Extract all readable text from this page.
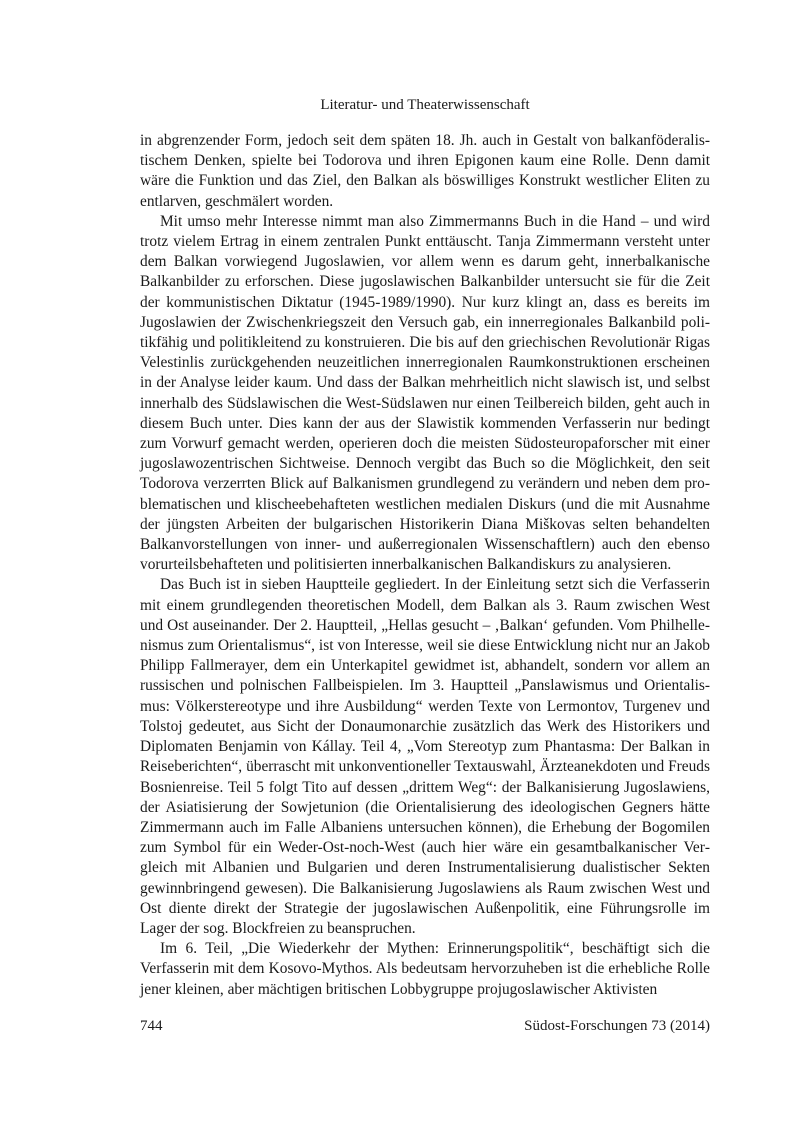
Literatur- und Theaterwissenschaft

in abgrenzender Form, jedoch seit dem späten 18. Jh. auch in Gestalt von balkanföderalistischem Denken, spielte bei Todorova und ihren Epigonen kaum eine Rolle. Denn damit wäre die Funktion und das Ziel, den Balkan als böswilliges Konstrukt westlicher Eliten zu entlarven, geschmälert worden.

Mit umso mehr Interesse nimmt man also Zimmermanns Buch in die Hand – und wird trotz vielem Ertrag in einem zentralen Punkt enttäuscht. Tanja Zimmermann versteht unter dem Balkan vorwiegend Jugoslawien, vor allem wenn es darum geht, innerbalkanische Balkanbilder zu erforschen. Diese jugoslawischen Balkanbilder untersucht sie für die Zeit der kommunistischen Diktatur (1945-1989/1990). Nur kurz klingt an, dass es bereits im Jugoslawien der Zwischenkriegszeit den Versuch gab, ein innerregionales Balkanbild politikfähig und politikleitend zu konstruieren. Die bis auf den griechischen Revolutionär Rigas Velestinlis zurückgehenden neuzeitlichen innerregionalen Raumkonstruktionen erscheinen in der Analyse leider kaum. Und dass der Balkan mehrheitlich nicht slawisch ist, und selbst innerhalb des Südslawischen die West-Südslawen nur einen Teilbereich bilden, geht auch in diesem Buch unter. Dies kann der aus der Slawistik kommenden Verfasserin nur bedingt zum Vorwurf gemacht werden, operieren doch die meisten Südosteuropaforscher mit einer jugoslawozentrischen Sichtweise. Dennoch vergibt das Buch so die Möglichkeit, den seit Todorova verzerrten Blick auf Balkanismen grundlegend zu verändern und neben dem problematischen und klischeebehafteten westlichen medialen Diskurs (und die mit Ausnahme der jüngsten Arbeiten der bulgarischen Historikerin Diana Miškovas selten behandelten Balkanvorstellungen von inner- und außerregionalen Wissenschaftlern) auch den ebenso vorurteilsbehafteten und politisierten innerbalkanischen Balkandiskurs zu analysieren.

Das Buch ist in sieben Hauptteile gegliedert. In der Einleitung setzt sich die Verfasserin mit einem grundlegenden theoretischen Modell, dem Balkan als 3. Raum zwischen West und Ost auseinander. Der 2. Hauptteil, „Hellas gesucht – ‚Balkan‘ gefunden. Vom Philhellenismus zum Orientalismus“, ist von Interesse, weil sie diese Entwicklung nicht nur an Jakob Philipp Fallmerayer, dem ein Unterkapitel gewidmet ist, abhandelt, sondern vor allem an russischen und polnischen Fallbeispielen. Im 3. Hauptteil „Panslawismus und Orientalismus: Völkerstereotype und ihre Ausbildung“ werden Texte von Lermontov, Turgenev und Tolstoj gedeutet, aus Sicht der Donaumonarchie zusätzlich das Werk des Historikers und Diplomaten Benjamin von Kállay. Teil 4, „Vom Stereotyp zum Phantasma: Der Balkan in Reiseberichten“, überrascht mit unkonventioneller Textauswahl, Ärzteanekdoten und Freuds Bosnienreise. Teil 5 folgt Tito auf dessen „drittem Weg“: der Balkanisierung Jugoslawiens, der Asiatisierung der Sowjetunion (die Orientalisierung des ideologischen Gegners hätte Zimmermann auch im Falle Albaniens untersuchen können), die Erhebung der Bogomilen zum Symbol für ein Weder-Ost-noch-West (auch hier wäre ein gesamtbalkanischer Vergleich mit Albanien und Bulgarien und deren Instrumentalisierung dualistischer Sekten gewinnbringend gewesen). Die Balkanisierung Jugoslawiens als Raum zwischen West und Ost diente direkt der Strategie der jugoslawischen Außenpolitik, eine Führungsrolle im Lager der sog. Blockfreien zu beanspruchen.

Im 6. Teil, „Die Wiederkehr der Mythen: Erinnerungspolitik“, beschäftigt sich die Verfasserin mit dem Kosovo-Mythos. Als bedeutsam hervorzuheben ist die erhebliche Rolle jener kleinen, aber mächtigen britischen Lobbygruppe projugoslawischer Aktivisten

744	Südost-Forschungen 73 (2014)
